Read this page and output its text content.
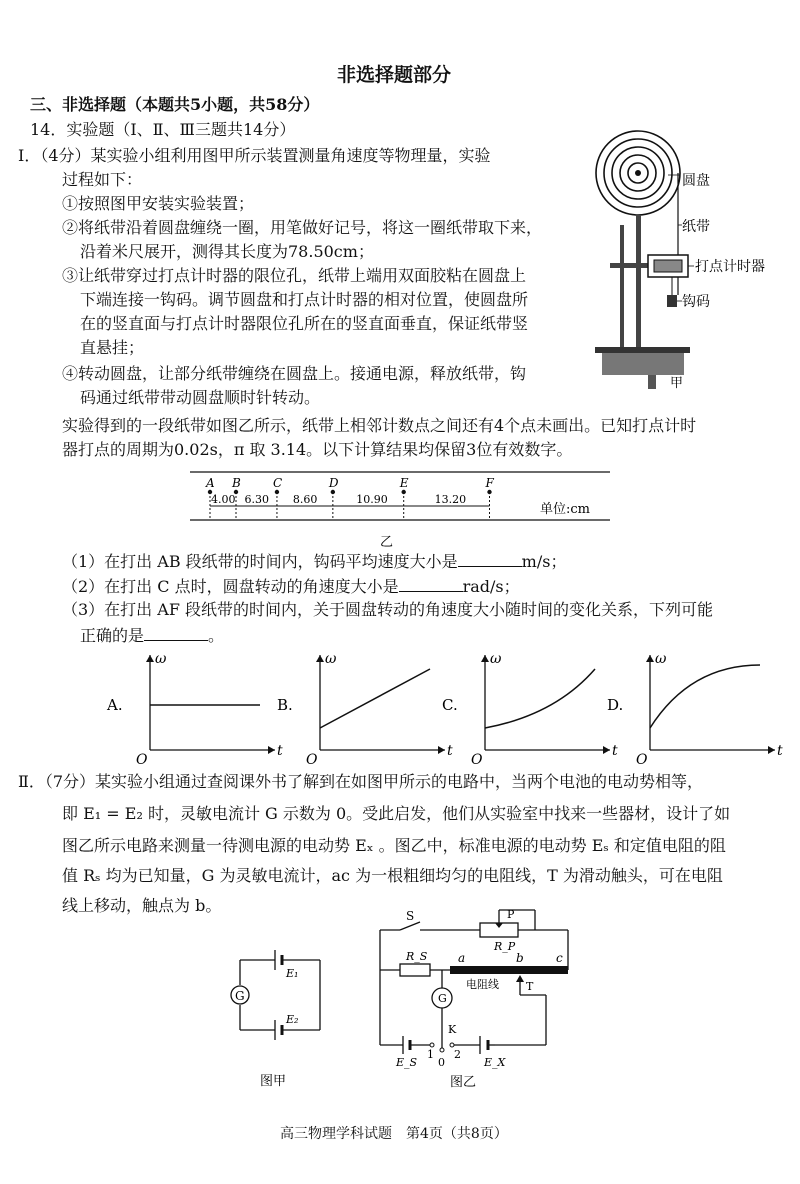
非选择题部分
三、非选择题（本题共5小题，共58分）
14．实验题（Ⅰ、Ⅱ、Ⅲ三题共14分）
Ⅰ．（4分）某实验小组利用图甲所示装置测量角速度等物理量，实验
过程如下：
①按照图甲安装实验装置；
②将纸带沿着圆盘缠绕一圈，用笔做好记号，将这一圈纸带取下来，
沿着米尺展开，测得其长度为78.50cm；
③让纸带穿过打点计时器的限位孔，纸带上端用双面胶粘在圆盘上
下端连接一钩码。调节圆盘和打点计时器的相对位置，使圆盘所
在的竖直面与打点计时器限位孔所在的竖直面垂直，保证纸带竖
直悬挂；
④转动圆盘，让部分纸带缠绕在圆盘上。接通电源，释放纸带，钩
码通过纸带带动圆盘顺时针转动。
实验得到的一段纸带如图乙所示，纸带上相邻计数点之间还有4个点未画出。已知打点计时
器打点的周期为0.02s，π 取 3.14。以下计算结果均保留3位有效数字。
圆盘
纸带
打点计时器
钩码
甲
A B	C	D	E	F
4.00 6.30 8.60	10.90	13.20
单位:cm
乙
（1）在打出 AB 段纸带的时间内，钩码平均速度大小是	m/s；
（2）在打出 C 点时，圆盘转动的角速度大小是	rad/s；
（3）在打出 AF 段纸带的时间内，关于圆盘转动的角速度大小随时间的变化关系，下列可能
正确的是	。
A.
ω
t
O
B.
ω
t
O
C.
ω
t
O
D.
ω
t
O
Ⅱ．（7分）某实验小组通过查阅课外书了解到在如图甲所示的电路中，当两个电池的电动势相等，
即 E₁ = E₂ 时，灵敏电流计 G 示数为 0。受此启发，他们从实验室中找来一些器材，设计了如
图乙所示电路来测量一待测电源的电动势 Eₓ 。图乙中，标准电源的电动势 Eₛ 和定值电阻的阻
值 Rₛ 均为已知量，G 为灵敏电流计，ac 为一根粗细均匀的电阻线，T 为滑动触头，可在电阻
线上移动，触点为 b。
G
E₁
E₂
图甲
S	P
R_P
R_S	a	b	c
电阻线 T
G
K
E_S
1
0
2
E_X
图乙
高三物理学科试题　第4页（共8页）
